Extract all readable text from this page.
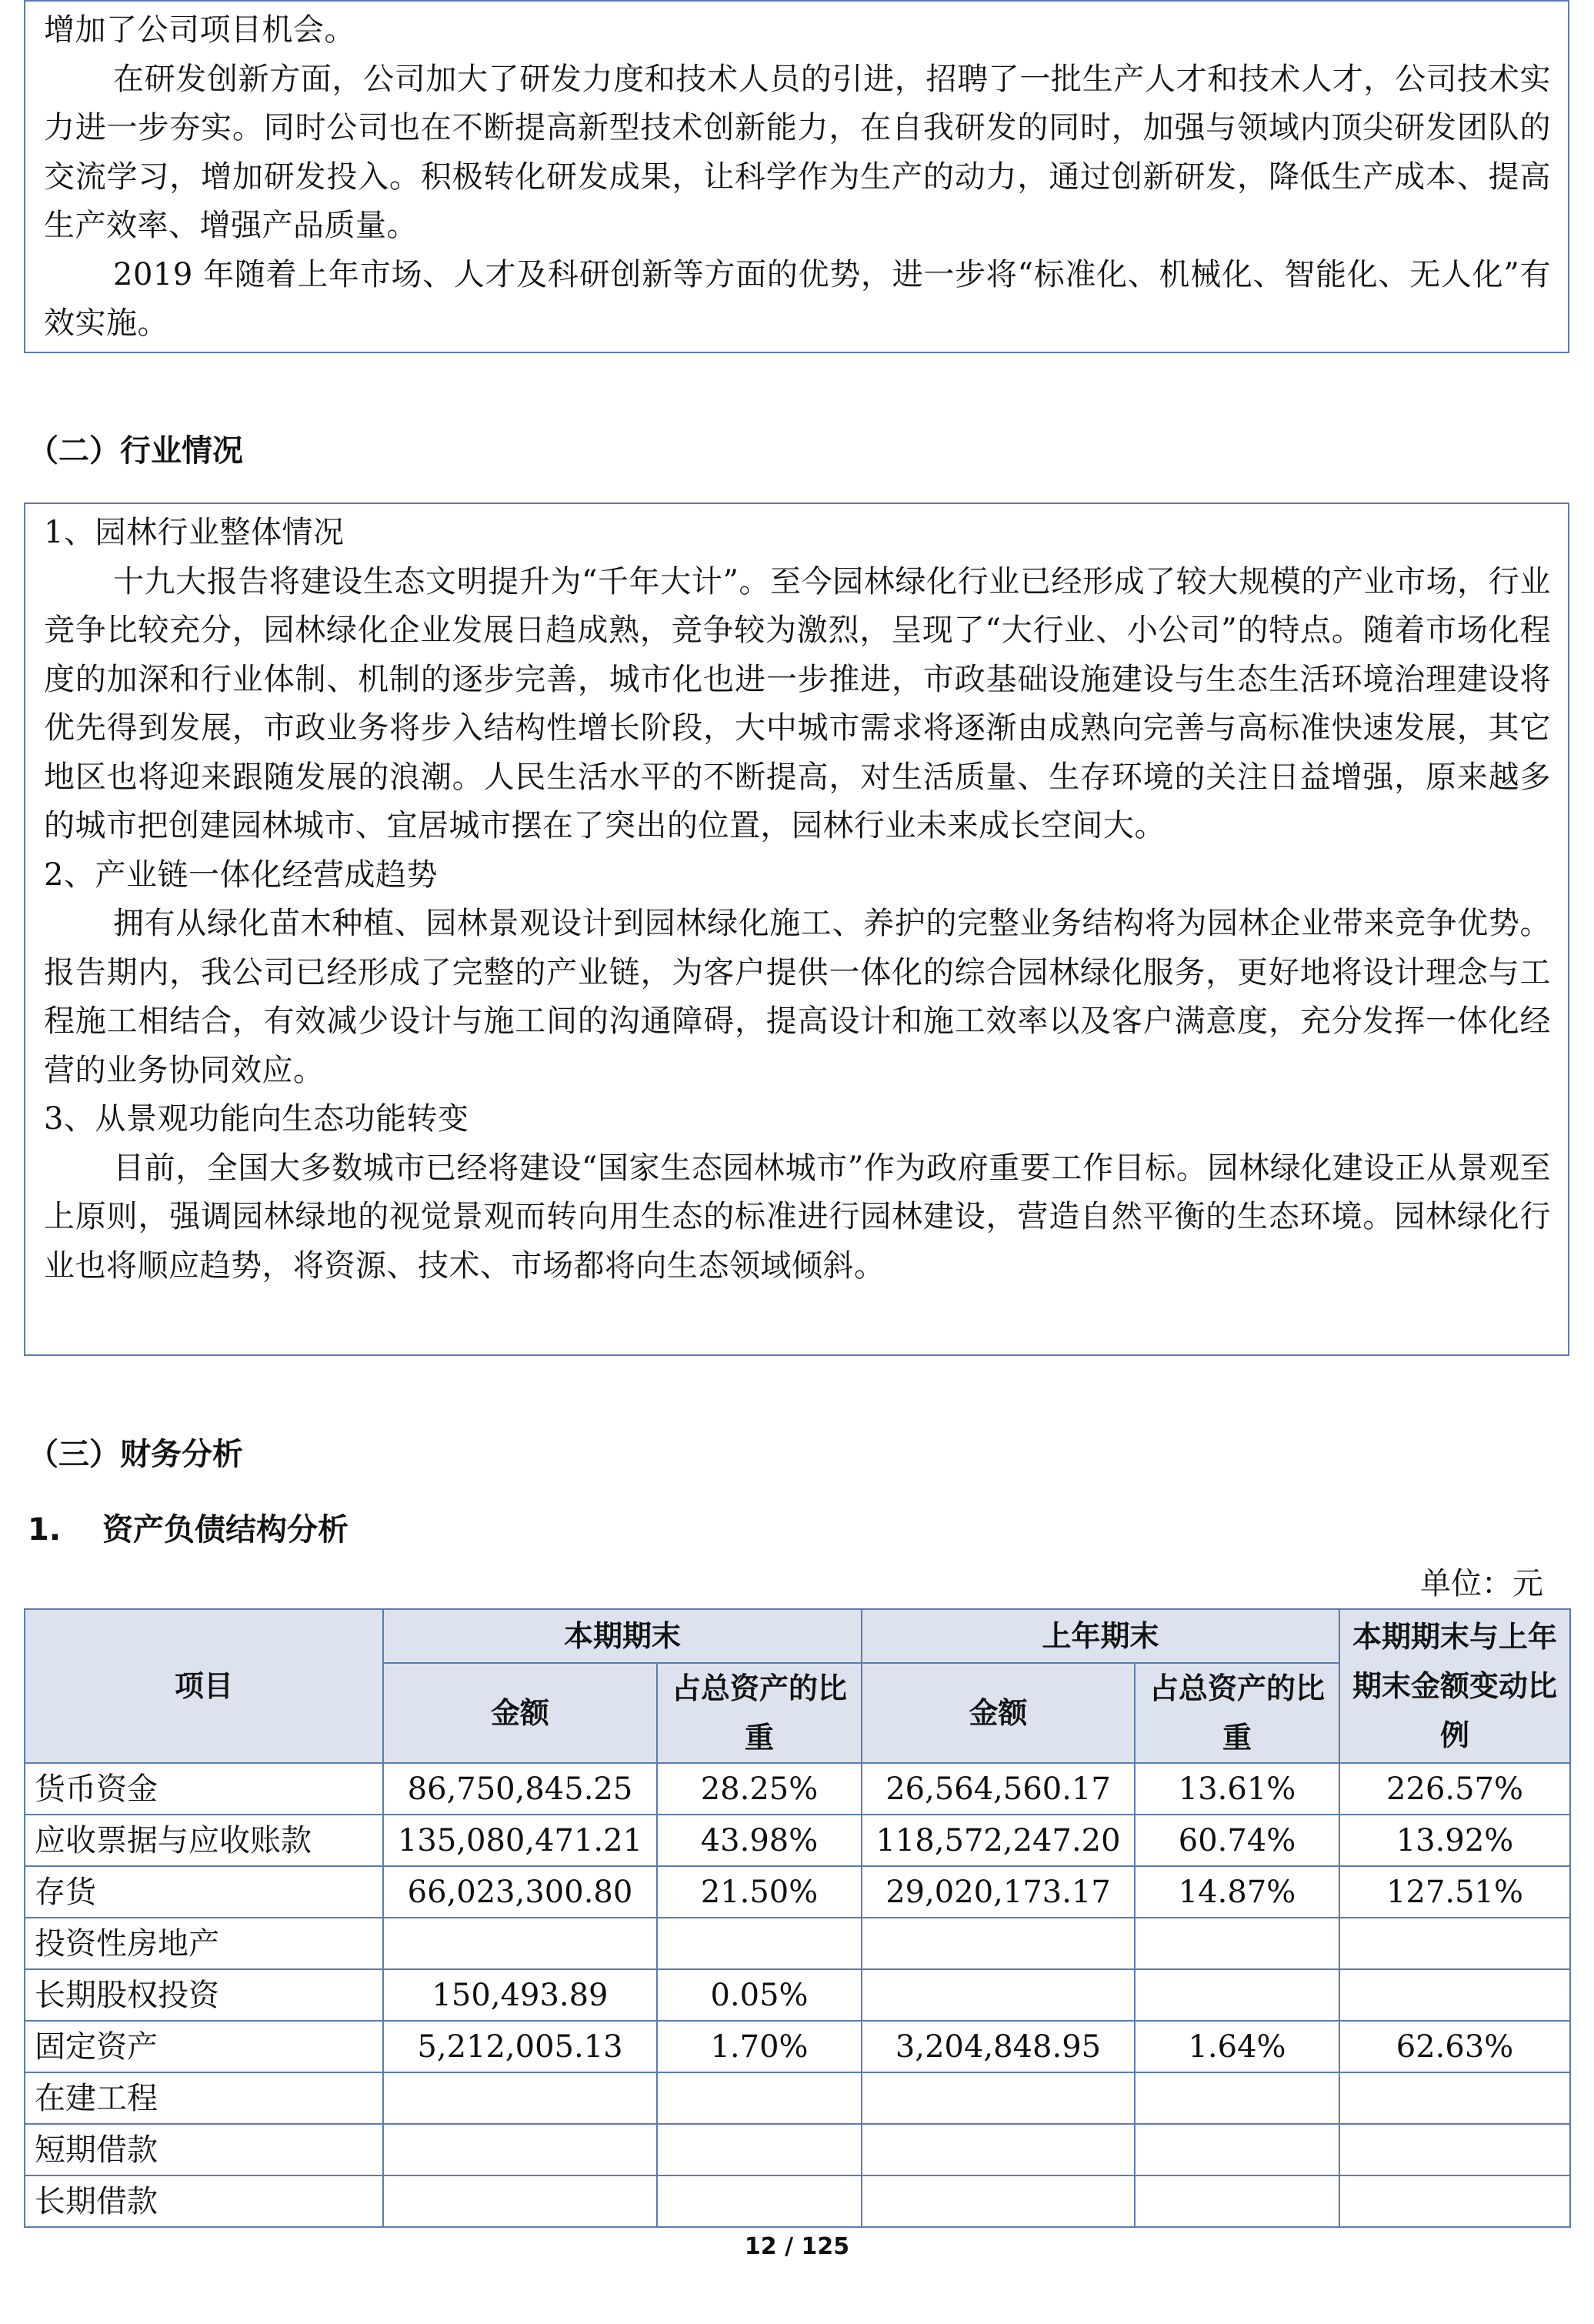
增加了公司项目机会。

在研发创新方面，公司加大了研发力度和技术人员的引进，招聘了一批生产人才和技术人才，公司技术实力进一步夯实。同时公司也在不断提高新型技术创新能力，在自我研发的同时，加强与领域内顶尖研发团队的交流学习，增加研发投入。积极转化研发成果，让科学作为生产的动力，通过创新研发，降低生产成本、提高生产效率、增强产品质量。

2019 年随着上年市场、人才及科研创新等方面的优势，进一步将“标准化、机械化、智能化、无人化”有效实施。

（二）行业情况

1、园林行业整体情况

十九大报告将建设生态文明提升为“千年大计”。至今园林绿化行业已经形成了较大规模的产业市场，行业竞争比较充分，园林绿化企业发展日趋成熟，竞争较为激烈，呈现了“大行业、小公司”的特点。随着市场化程度的加深和行业体制、机制的逐步完善，城市化也进一步推进，市政基础设施建设与生态生活环境治理建设将优先得到发展，市政业务将步入结构性增长阶段，大中城市需求将逐渐由成熟向完善与高标准快速发展，其它地区也将迎来跟随发展的浪潮。人民生活水平的不断提高，对生活质量、生存环境的关注日益增强，原来越多的城市把创建园林城市、宜居城市摆在了突出的位置，园林行业未来成长空间大。

2、产业链一体化经营成趋势

拥有从绿化苗木种植、园林景观设计到园林绿化施工、养护的完整业务结构将为园林企业带来竞争优势。报告期内，我公司已经形成了完整的产业链，为客户提供一体化的综合园林绿化服务，更好地将设计理念与工程施工相结合，有效减少设计与施工间的沟通障碍，提高设计和施工效率以及客户满意度，充分发挥一体化经营的业务协同效应。

3、从景观功能向生态功能转变

目前，全国大多数城市已经将建设“国家生态园林城市”作为政府重要工作目标。园林绿化建设正从景观至上原则，强调园林绿地的视觉景观而转向用生态的标准进行园林建设，营造自然平衡的生态环境。园林绿化行业也将顺应趋势，将资源、技术、市场都将向生态领域倾斜。

（三）财务分析
1.　 资产负债结构分析

单位：元

项目	本期期末		上年期末		本期期末与上年期末金额变动比例
	金额	占总资产的比重	金额	占总资产的比重	
货币资金	86,750,845.25	28.25%	26,564,560.17	13.61%	226.57%
应收票据与应收账款	135,080,471.21	43.98%	118,572,247.20	60.74%	13.92%
存货	66,023,300.80	21.50%	29,020,173.17	14.87%	127.51%
投资性房地产					
长期股权投资	150,493.89	0.05%			
固定资产	5,212,005.13	1.70%	3,204,848.95	1.64%	62.63%
在建工程					
短期借款					
长期借款					

12 / 125
